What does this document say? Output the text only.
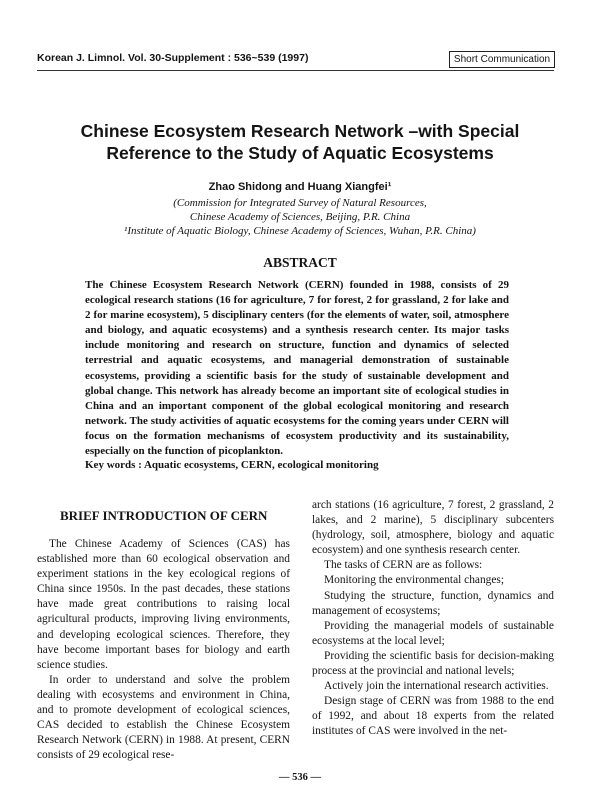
Korean J. Limnol. Vol. 30-Supplement : 536~539 (1997)	Short Communication
Chinese Ecosystem Research Network –with Special
Reference to the Study of Aquatic Ecosystems
Zhao Shidong and Huang Xiangfei¹
(Commission for Integrated Survey of Natural Resources,
Chinese Academy of Sciences, Beijing, P.R. China
¹Institute of Aquatic Biology, Chinese Academy of Sciences, Wuhan, P.R. China)
ABSTRACT
The Chinese Ecosystem Research Network (CERN) founded in 1988, consists of 29 ecological research stations (16 for agriculture, 7 for forest, 2 for grassland, 2 for lake and 2 for marine ecosystem), 5 disciplinary centers (for the elements of water, soil, atmosphere and biology, and aquatic ecosystems) and a synthesis research center. Its major tasks include monitoring and research on structure, function and dynamics of selected terrestrial and aquatic ecosystems, and managerial demonstration of sustainable ecosystems, providing a scientific basis for the study of sustainable development and global change. This network has already become an important site of ecological studies in China and an important component of the global ecological monitoring and research network. The study activities of aquatic ecosystems for the coming years under CERN will focus on the formation mechanisms of ecosystem productivity and its sustainability, especially on the function of picoplankton.
Key words : Aquatic ecosystems, CERN, ecological monitoring
BRIEF INTRODUCTION OF CERN

The Chinese Academy of Sciences (CAS) has established more than 60 ecological observation and experiment stations in the key ecological regions of China since 1950s. In the past decades, these stations have made great contributions to raising local agricultural products, improving living environments, and developing ecological sciences. Therefore, they have become important bases for biology and earth science studies.

In order to understand and solve the problem dealing with ecosystems and environment in China, and to promote development of ecological sciences, CAS decided to establish the Chinese Ecosystem Research Network (CERN) in 1988. At present, CERN consists of 29 ecological rese-

arch stations (16 agriculture, 7 forest, 2 grassland, 2 lakes, and 2 marine), 5 disciplinary subcenters (hydrology, soil, atmosphere, biology and aquatic ecosystem) and one synthesis research center.

The tasks of CERN are as follows:

Monitoring the environmental changes;

Studying the structure, function, dynamics and management of ecosystems;

Providing the managerial models of sustainable ecosystems at the local level;

Providing the scientific basis for decision-making process at the provincial and national levels;

Actively join the international research activities.

Design stage of CERN was from 1988 to the end of 1992, and about 18 experts from the related institutes of CAS were involved in the net-

— 536 —
